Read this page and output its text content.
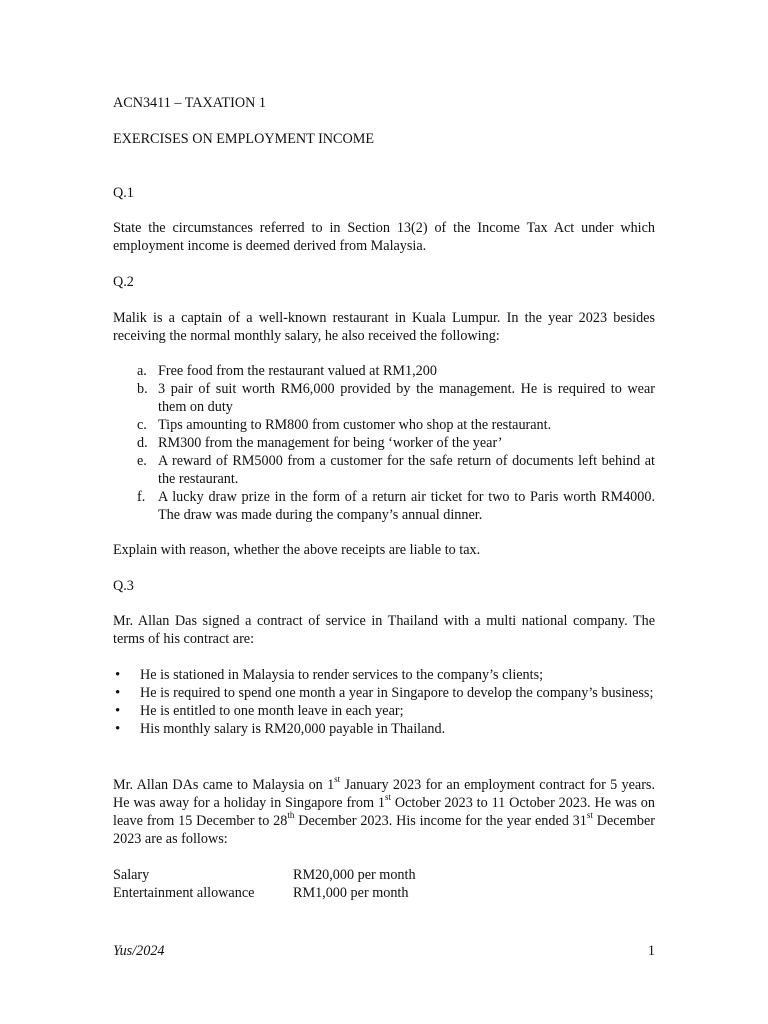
ACN3411 – TAXATION 1

EXERCISES ON EMPLOYMENT INCOME

Q.1

State the circumstances referred to in Section 13(2) of the Income Tax Act under which employment income is deemed derived from Malaysia.

Q.2

Malik is a captain of a well-known restaurant in Kuala Lumpur. In the year 2023 besides receiving the normal monthly salary, he also received the following:

a. Free food from the restaurant valued at RM1,200
b. 3 pair of suit worth RM6,000 provided by the management. He is required to wear them on duty
c. Tips amounting to RM800 from customer who shop at the restaurant.
d. RM300 from the management for being ‘worker of the year’
e. A reward of RM5000 from a customer for the safe return of documents left behind at the restaurant.
f. A lucky draw prize in the form of a return air ticket for two to Paris worth RM4000. The draw was made during the company’s annual dinner.

Explain with reason, whether the above receipts are liable to tax.

Q.3

Mr. Allan Das signed a contract of service in Thailand with a multi national company. The terms of his contract are:

• He is stationed in Malaysia to render services to the company’s clients;
• He is required to spend one month a year in Singapore to develop the company’s business;
• He is entitled to one month leave in each year;
• His monthly salary is RM20,000 payable in Thailand.

Mr. Allan DAs came to Malaysia on 1st January 2023 for an employment contract for 5 years. He was away for a holiday in Singapore from 1st October 2023 to 11 October 2023. He was on leave from 15 December to 28th December 2023. His income for the year ended 31st December 2023 are as follows:

Salary	RM20,000 per month
Entertainment allowance	RM1,000 per month
Yus/2024	1
